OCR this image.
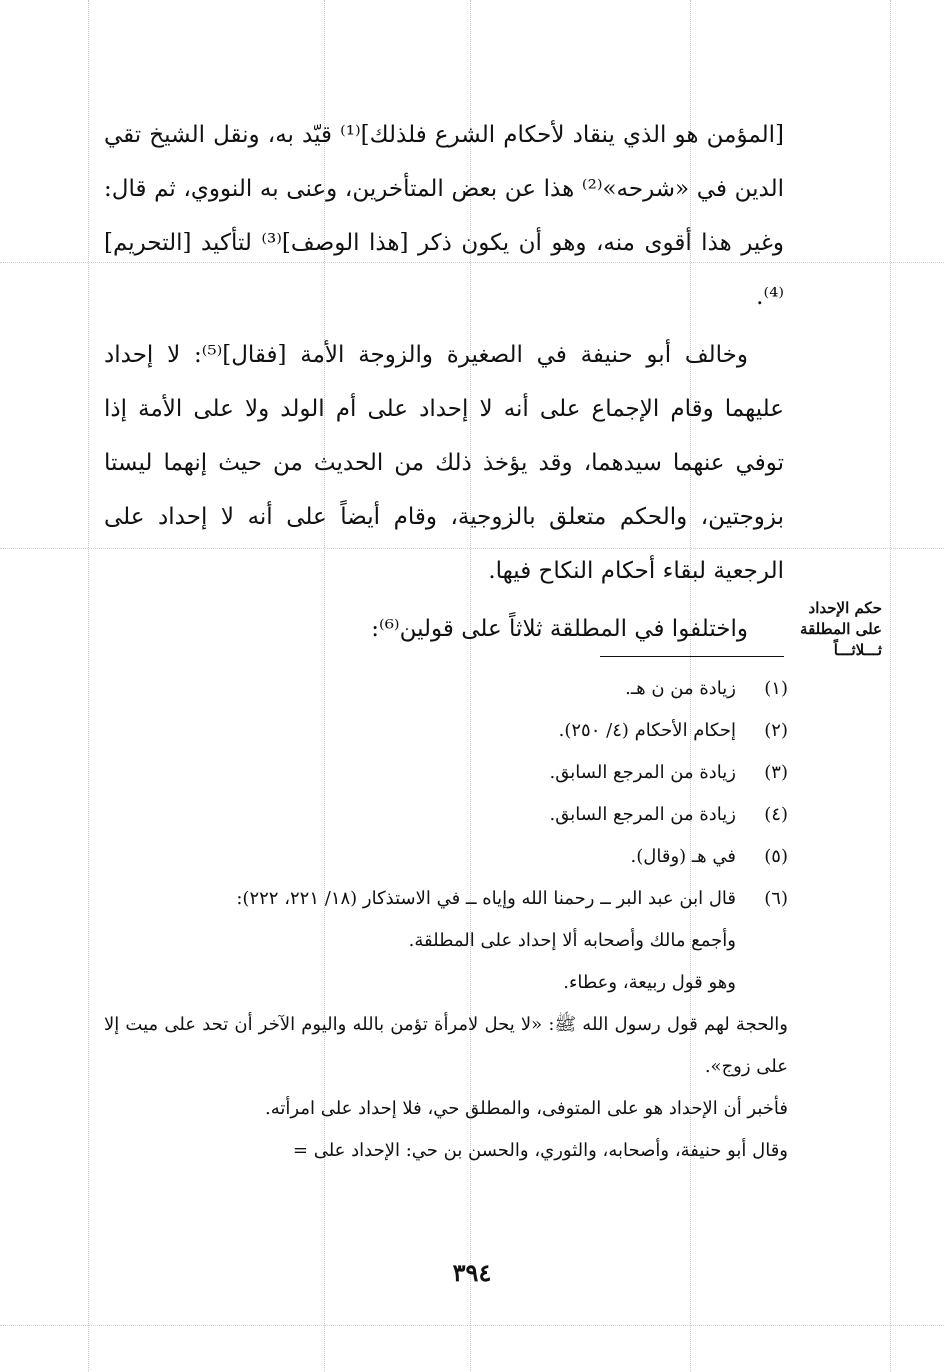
[المؤمن هو الذي ينقاد لأحكام الشرع فلذلك]⁽¹⁾ قيّد به، ونقل الشيخ تقي الدين في «شرحه»⁽²⁾ هذا عن بعض المتأخرين، وعنى به النووي، ثم قال: وغير هذا أقوى منه، وهو أن يكون ذكر [هذا الوصف]⁽³⁾ لتأكيد [التحريم]⁽⁴⁾.

وخالف أبو حنيفة في الصغيرة والزوجة الأمة [فقال]⁽⁵⁾: لا إحداد عليهما وقام الإجماع على أنه لا إحداد على أم الولد ولا على الأمة إذا توفي عنهما سيدهما، وقد يؤخذ ذلك من الحديث من حيث إنهما ليستا بزوجتين، والحكم متعلق بالزوجية، وقام أيضاً على أنه لا إحداد على الرجعية لبقاء أحكام النكاح فيها.

واختلفوا في المطلقة ثلاثاً على قولين⁽⁶⁾:

حكم الإحداد
على المطلقة
ثـــلاثـــاً
(١)
زيادة من ن هـ.
(٢)
إحكام الأحكام (٤/ ٢٥٠).
(٣)
زيادة من المرجع السابق.
(٤)
زيادة من المرجع السابق.
(٥)
في هـ (وقال).
(٦)
قال ابن عبد البر ــ رحمنا الله وإياه ــ في الاستذكار (١٨/ ٢٢١، ٢٢٢):
وأجمع مالك وأصحابه ألا إحداد على المطلقة.
وهو قول ربيعة، وعطاء.
والحجة لهم قول رسول الله ﷺ: «لا يحل لامرأة تؤمن بالله واليوم الآخر أن تحد على ميت إلا على زوج».
فأخبر أن الإحداد هو على المتوفى، والمطلق حي، فلا إحداد على امرأته.
وقال أبو حنيفة، وأصحابه، والثوري، والحسن بن حي: الإحداد على =
٣٩٤
